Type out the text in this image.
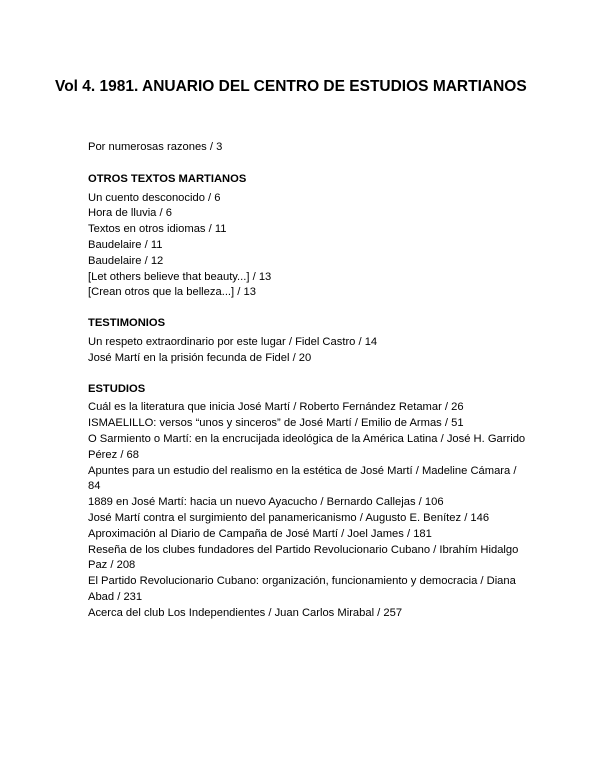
Vol 4. 1981. ANUARIO DEL CENTRO DE ESTUDIOS MARTIANOS

Por numerosas razones / 3

OTROS TEXTOS MARTIANOS

Un cuento desconocido / 6

Hora de lluvia / 6

Textos en otros idiomas / 11

Baudelaire / 11

Baudelaire / 12

[Let others believe that beauty...] / 13

[Crean otros que la belleza...] / 13

TESTIMONIOS

Un respeto extraordinario por este lugar / Fidel Castro / 14

José Martí en la prisión fecunda de Fidel / 20

ESTUDIOS

Cuál es la literatura que inicia José Martí / Roberto Fernández Retamar / 26

ISMAELILLO: versos “unos y sinceros” de José Martí / Emilio de Armas / 51

O Sarmiento o Martí: en la encrucijada ideológica de la América Latina / José H. Garrido Pérez / 68

Apuntes para un estudio del realismo en la estética de José Martí / Madeline Cámara / 84

1889 en José Martí: hacia un nuevo Ayacucho / Bernardo Callejas / 106

José Martí contra el surgimiento del panamericanismo / Augusto E. Benítez / 146

Aproximación al Diario de Campaña de José Martí / Joel James / 181

Reseña de los clubes fundadores del Partido Revolucionario Cubano / Ibrahím Hidalgo Paz / 208

El Partido Revolucionario Cubano: organización, funcionamiento y democracia / Diana Abad / 231

Acerca del club Los Independientes / Juan Carlos Mirabal / 257
